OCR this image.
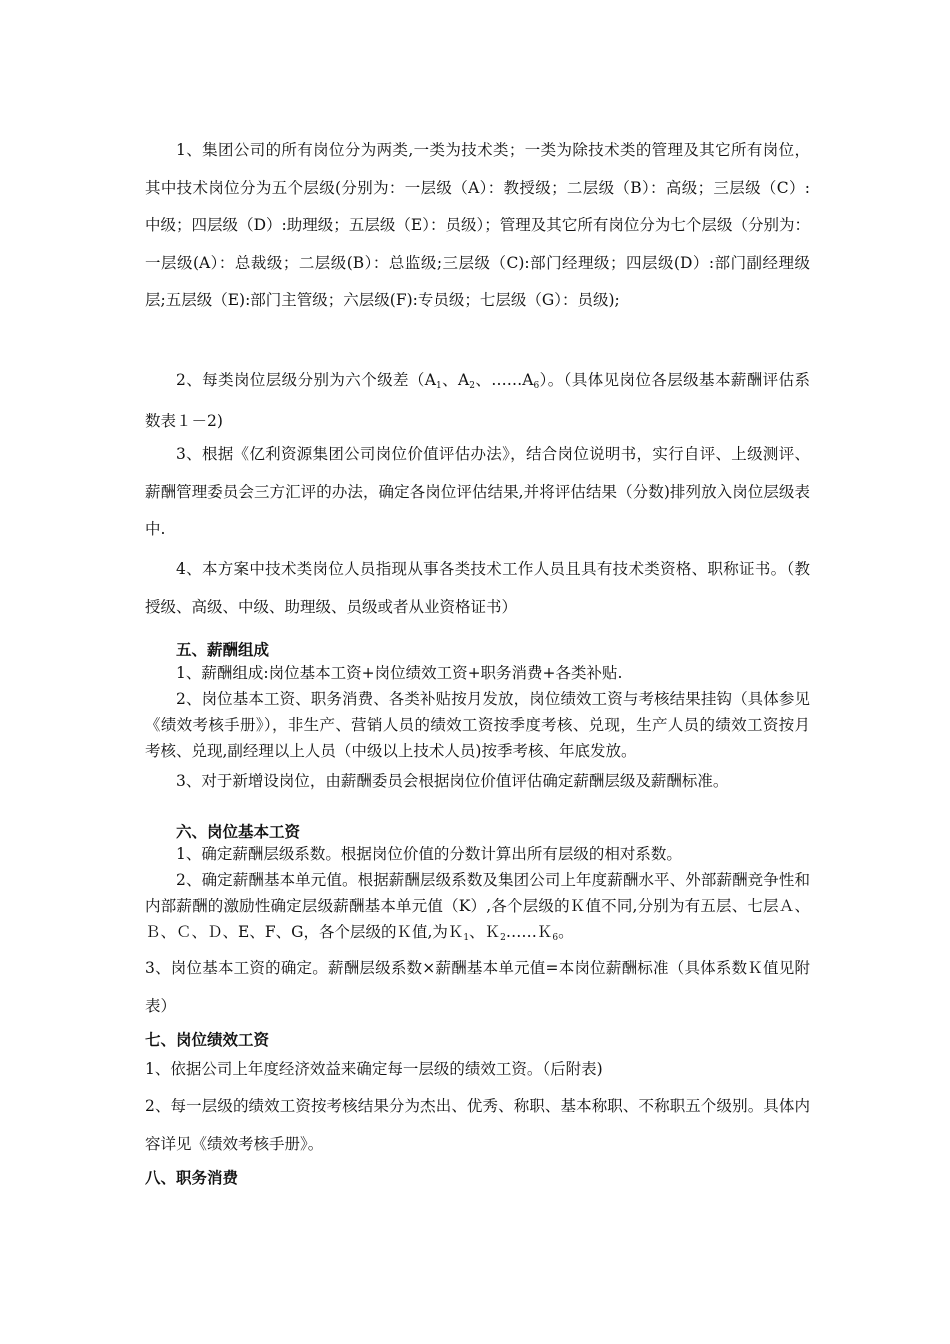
1、集团公司的所有岗位分为两类,一类为技术类；一类为除技术类的管理及其它所有岗位，其中技术岗位分为五个层级(分别为：一层级（A）：教授级；二层级（B）：高级；三层级（C）:中级；四层级（D）:助理级；五层级（E）：员级）；管理及其它所有岗位分为七个层级（分别为：一层级(A）：总裁级；二层级(B）：总监级;三层级（C):部门经理级；四层级(D）:部门副经理级层;五层级（E):部门主管级；六层级(F):专员级；七层级（G）：员级);

2、每类岗位层级分别为六个级差（$A_1$、$A_2$、$\dots\dots A_6$）。（具体见岗位各层级基本薪酬评估系数表１－2)

3、根据《亿利资源集团公司岗位价值评估办法》，结合岗位说明书，实行自评、上级测评、薪酬管理委员会三方汇评的办法，确定各岗位评估结果,并将评估结果（分数)排列放入岗位层级表中.

4、本方案中技术类岗位人员指现从事各类技术工作人员且具有技术类资格、职称证书。（教授级、高级、中级、助理级、员级或者从业资格证书）

五、薪酬组成

1、薪酬组成:岗位基本工资+岗位绩效工资+职务消费+各类补贴.

2、岗位基本工资、职务消费、各类补贴按月发放，岗位绩效工资与考核结果挂钩（具体参见《绩效考核手册》），非生产、营销人员的绩效工资按季度考核、兑现，生产人员的绩效工资按月考核、兑现,副经理以上人员（中级以上技术人员)按季考核、年底发放。

3、对于新增设岗位，由薪酬委员会根据岗位价值评估确定薪酬层级及薪酬标准。

六、岗位基本工资

1、确定薪酬层级系数。根据岗位价值的分数计算出所有层级的相对系数。

2、确定薪酬基本单元值。根据薪酬层级系数及集团公司上年度薪酬水平、外部薪酬竞争性和内部薪酬的激励性确定层级薪酬基本单元值（K）,各个层级的Ｋ值不同,分别为有五层、七层Ａ、Ｂ、Ｃ、Ｄ、E、F、G，各个层级的Ｋ值,为Ｋ$_1$、Ｋ$_2$……Ｋ$_6$。

3、岗位基本工资的确定。薪酬层级系数×薪酬基本单元值=本岗位薪酬标准（具体系数Ｋ值见附表）

七、岗位绩效工资

1、依据公司上年度经济效益来确定每一层级的绩效工资。（后附表)

2、每一层级的绩效工资按考核结果分为杰出、优秀、称职、基本称职、不称职五个级别。具体内容详见《绩效考核手册》。

八、职务消费
